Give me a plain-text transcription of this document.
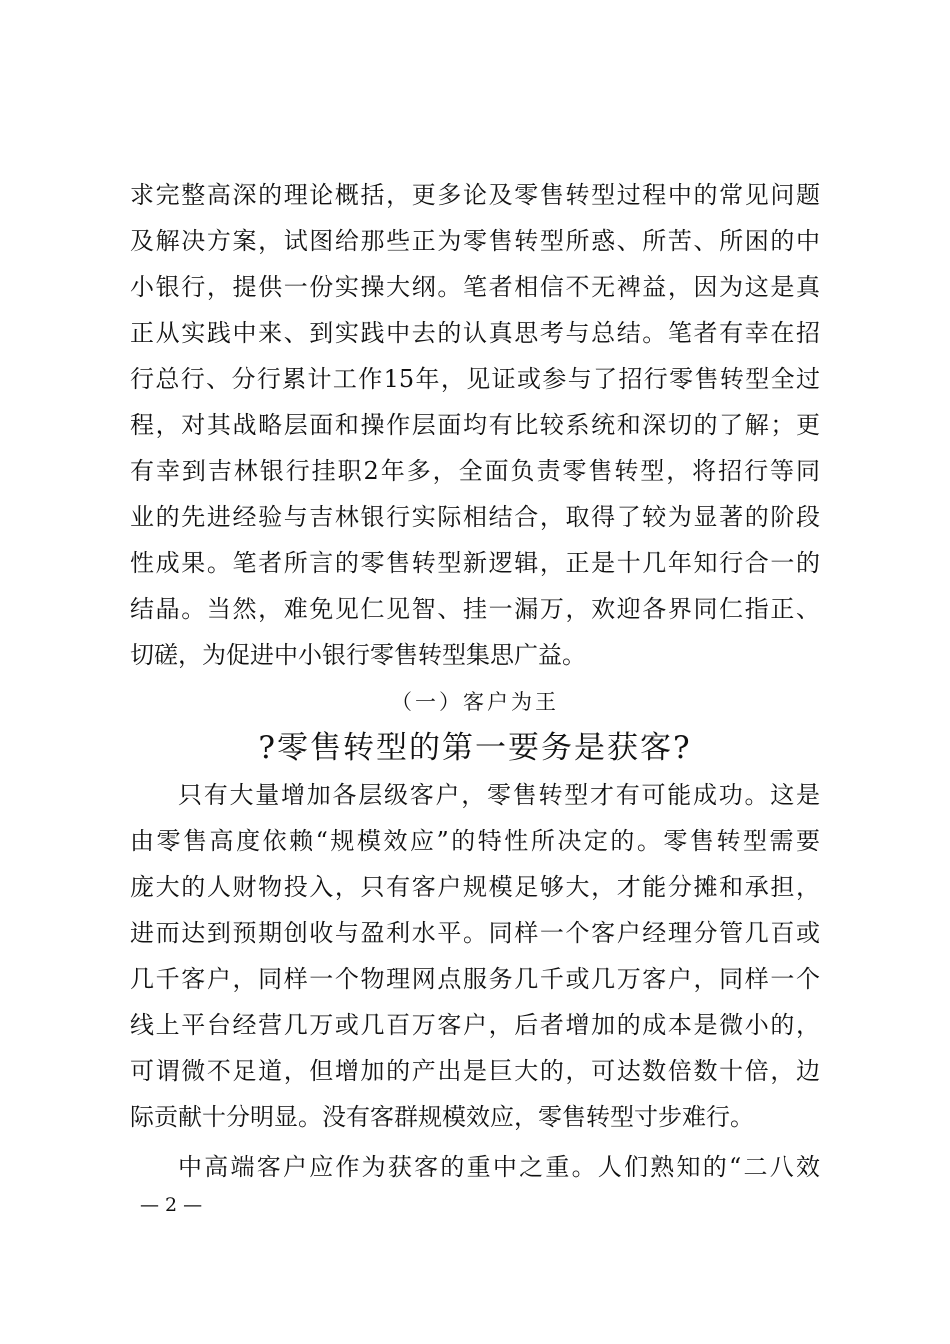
求完整高深的理论概括，更多论及零售转型过程中的常见问题
及解决方案，试图给那些正为零售转型所惑、所苦、所困的中
小银行，提供一份实操大纲。笔者相信不无裨益，因为这是真
正从实践中来、到实践中去的认真思考与总结。笔者有幸在招
行总行、分行累计工作15年，见证或参与了招行零售转型全过
程，对其战略层面和操作层面均有比较系统和深切的了解；更
有幸到吉林银行挂职2年多，全面负责零售转型，将招行等同
业的先进经验与吉林银行实际相结合，取得了较为显著的阶段
性成果。笔者所言的零售转型新逻辑，正是十几年知行合一的
结晶。当然，难免见仁见智、挂一漏万，欢迎各界同仁指正、
切磋，为促进中小银行零售转型集思广益。
（一）客户为王
?零售转型的第一要务是获客?
只有大量增加各层级客户，零售转型才有可能成功。这是
由零售高度依赖“规模效应”的特性所决定的。零售转型需要
庞大的人财物投入，只有客户规模足够大，才能分摊和承担，
进而达到预期创收与盈利水平。同样一个客户经理分管几百或
几千客户，同样一个物理网点服务几千或几万客户，同样一个
线上平台经营几万或几百万客户，后者增加的成本是微小的，
可谓微不足道，但增加的产出是巨大的，可达数倍数十倍，边
际贡献十分明显。没有客群规模效应，零售转型寸步难行。
中高端客户应作为获客的重中之重。人们熟知的“二八效
— 2 —
